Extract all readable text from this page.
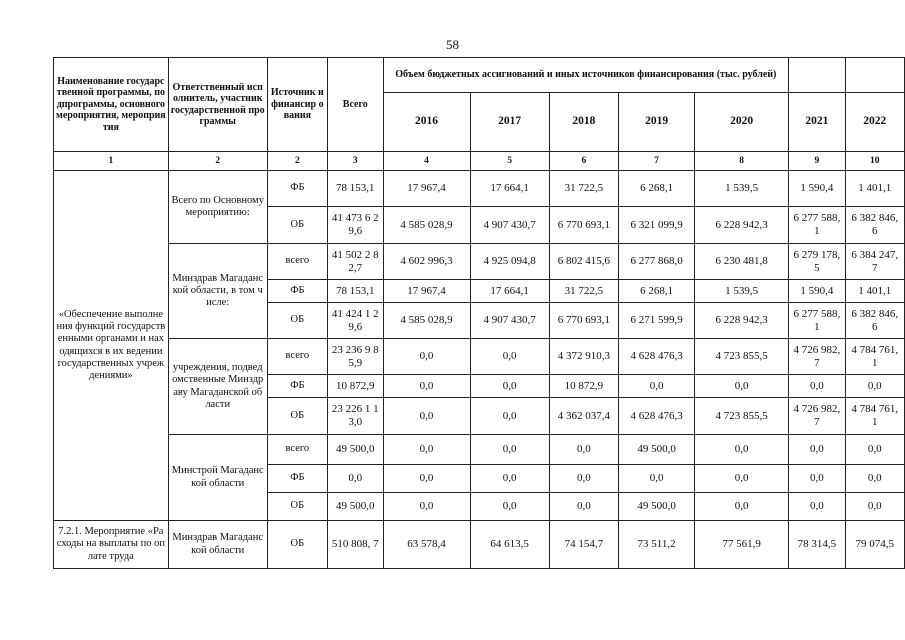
58
Наименование государственной программы, подпрограммы, основного мероприятия, мероприятия	Ответственный исполнитель, участник государственной программы	Источник и финансир ования	Всего	Объем бюджетных ассигнований и иных источников финансирования (тыс. рублей)						
				2016	2017	2018	2019	2020	2021	2022
1	2	2	3	4	5	6	7	8	9	10
«Обеспечение выполнения функций государственными органами и находящихся в их ведении государственных учреждениями»	Всего по Основному мероприятию:	ФБ	78 153,1	17 967,4	17 664,1	31 722,5	6 268,1	1 539,5	1 590,4	1 401,1
		ОБ	41 473 6 29,6	4 585 028,9	4 907 430,7	6 770 693,1	6 321 099,9	6 228 942,3	6 277 588, 1	6 382 846, 6
	Минздрав Магаданской области, в том числе:	всего	41 502 2 82,7	4 602 996,3	4 925 094,8	6 802 415,6	6 277 868,0	6 230 481,8	6 279 178, 5	6 384 247, 7
		ФБ	78 153,1	17 967,4	17 664,1	31 722,5	6 268,1	1 539,5	1 590,4	1 401,1
		ОБ	41 424 1 29,6	4 585 028,9	4 907 430,7	6 770 693,1	6 271 599,9	6 228 942,3	6 277 588, 1	6 382 846, 6
	учреждения, подведомственные Минздраву Магаданской области	всего	23 236 9 85,9	0,0	0,0	4 372 910,3	4 628 476,3	4 723 855,5	4 726 982, 7	4 784 761, 1
		ФБ	10 872,9	0,0	0,0	10 872,9	0,0	0,0	0,0	0,0
		ОБ	23 226 1 13,0	0,0	0,0	4 362 037,4	4 628 476,3	4 723 855,5	4 726 982, 7	4 784 761, 1
	Минстрой Магаданской области	всего	49 500,0	0,0	0,0	0,0	49 500,0	0,0	0,0	0,0
		ФБ	0,0	0,0	0,0	0,0	0,0	0,0	0,0	0,0
		ОБ	49 500,0	0,0	0,0	0,0	49 500,0	0,0	0,0	0,0
7.2.1. Мероприятие «Расходы на выплаты по оплате труда	Минздрав Магаданской области	ОБ	510 808, 7	63 578,4	64 613,5	74 154,7	73 511,2	77 561,9	78 314,5	79 074,5
